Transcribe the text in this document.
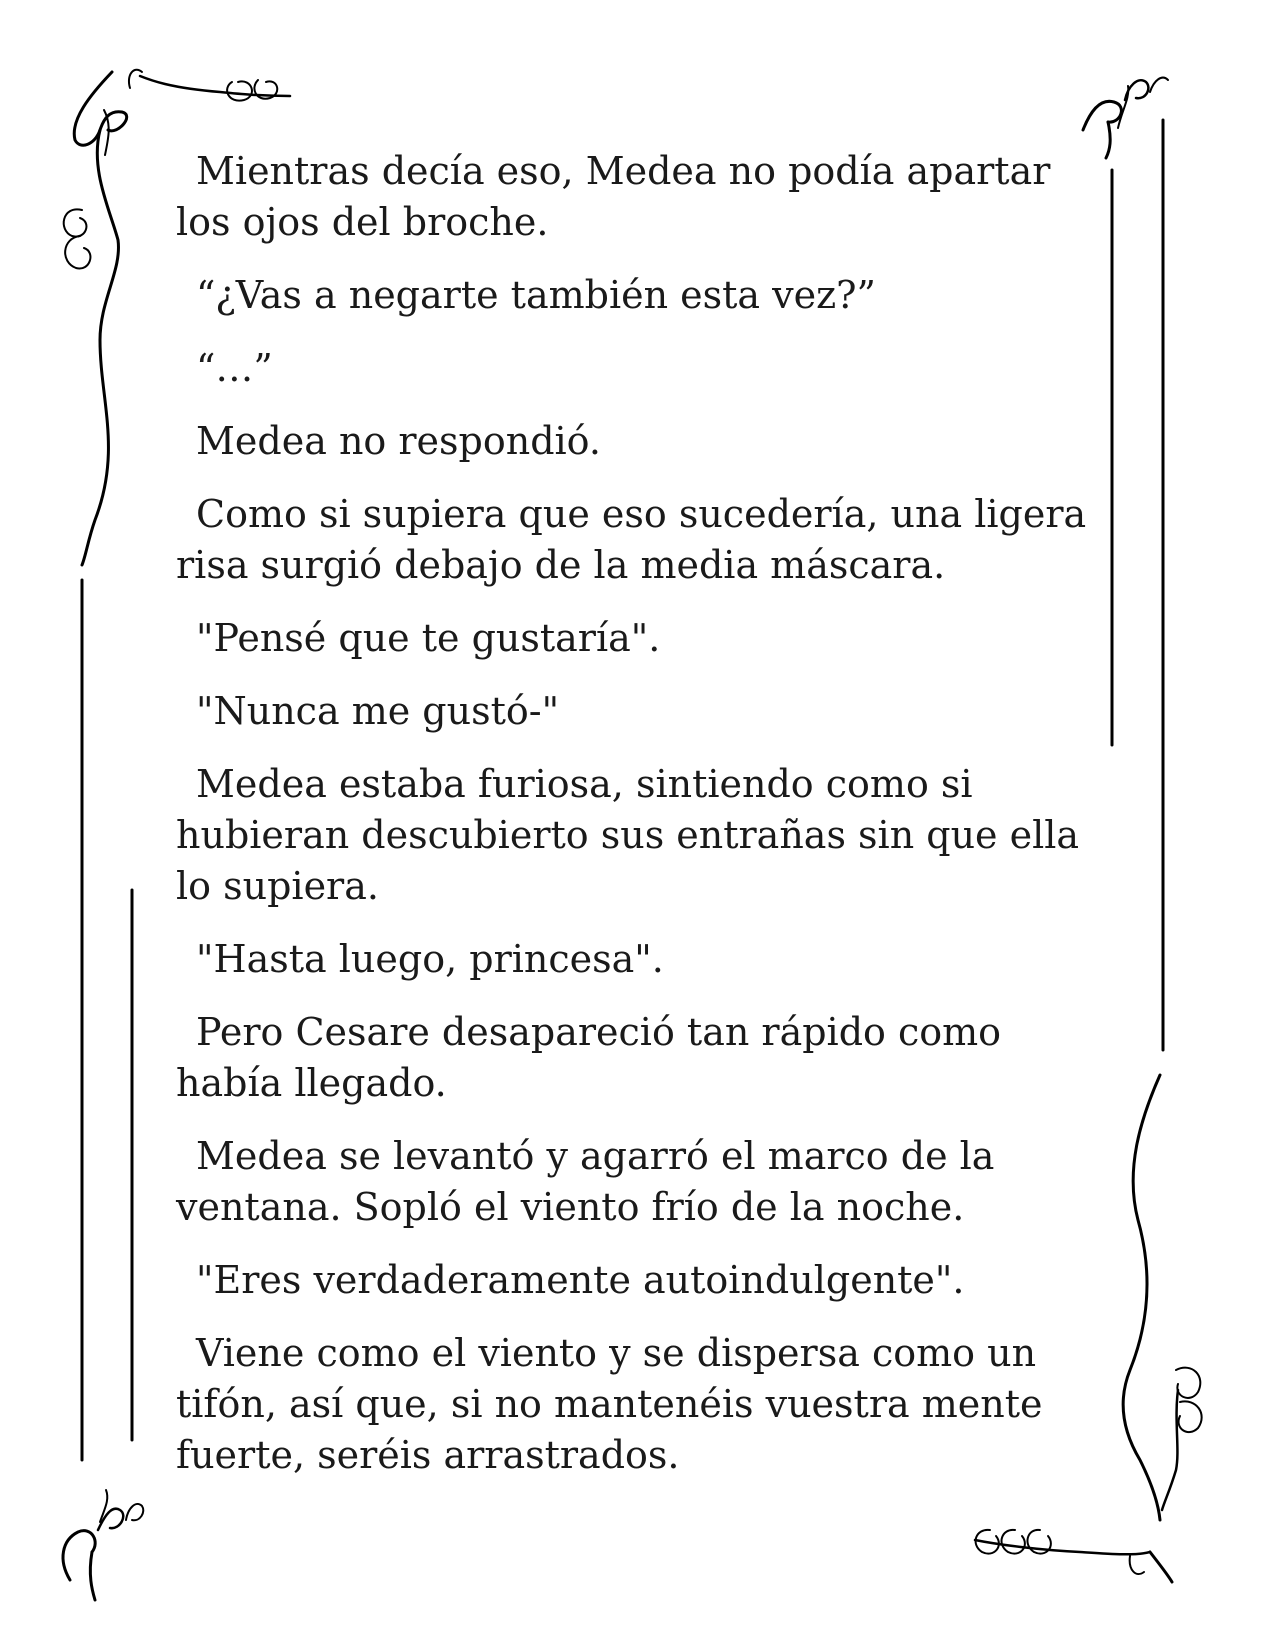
Mientras decía eso, Medea no podía apartar los ojos del broche.

“¿Vas a negarte también esta vez?”

“…”

Medea no respondió.

Como si supiera que eso sucedería, una ligera risa surgió debajo de la media máscara.

"Pensé que te gustaría".

"Nunca me gustó-"

Medea estaba furiosa, sintiendo como si hubieran descubierto sus entrañas sin que ella lo supiera.

"Hasta luego, princesa".

Pero Cesare desapareció tan rápido como había llegado.

Medea se levantó y agarró el marco de la ventana. Sopló el viento frío de la noche.

"Eres verdaderamente autoindulgente".

Viene como el viento y se dispersa como un tifón, así que, si no mantenéis vuestra mente fuerte, seréis arrastrados.
